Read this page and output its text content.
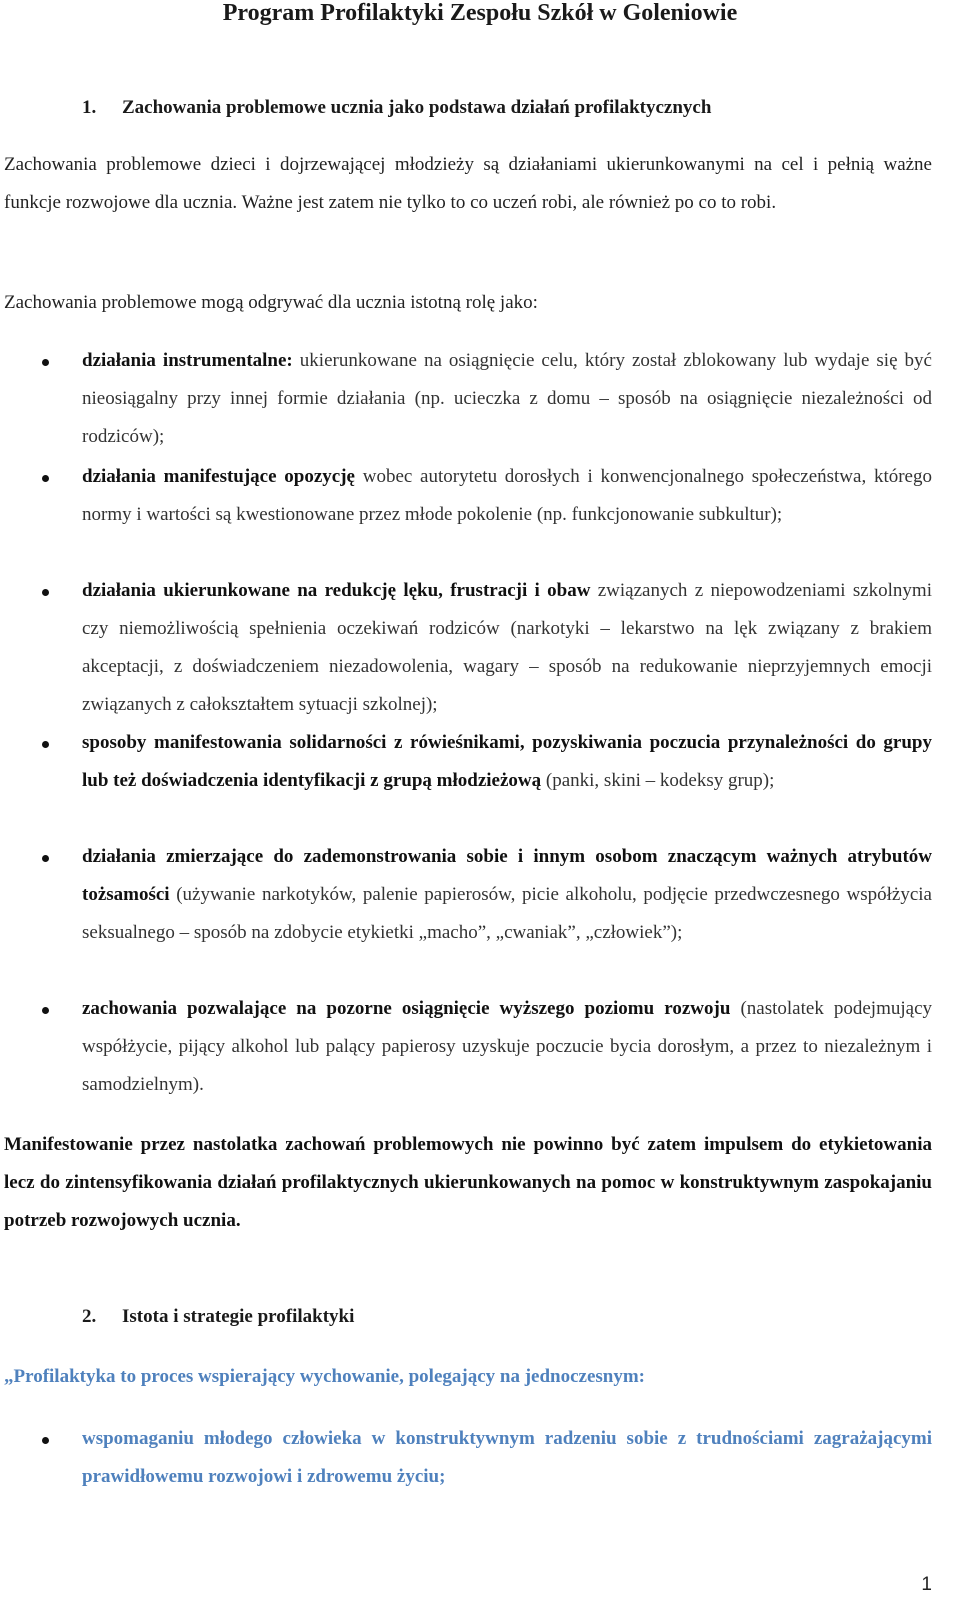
Program Profilaktyki Zespołu Szkół w Goleniowie
1. Zachowania problemowe ucznia jako podstawa działań profilaktycznych
Zachowania problemowe dzieci i dojrzewającej młodzieży są działaniami ukierunkowanymi na cel i pełnią ważne funkcje rozwojowe dla ucznia. Ważne jest zatem nie tylko to co uczeń robi, ale również po co to robi.
Zachowania problemowe mogą odgrywać dla ucznia istotną rolę jako:
działania instrumentalne: ukierunkowane na osiągnięcie celu, który został zblokowany lub wydaje się być nieosiągalny przy innej formie działania (np. ucieczka z domu – sposób na osiągnięcie niezależności od rodziców);
działania manifestujące opozycję wobec autorytetu dorosłych i konwencjonalnego społeczeństwa, którego normy i wartości są kwestionowane przez młode pokolenie (np. funkcjonowanie subkultur);
działania ukierunkowane na redukcję lęku, frustracji i obaw związanych z niepowodzeniami szkolnymi czy niemożliwością spełnienia oczekiwań rodziców (narkotyki – lekarstwo na lęk związany z brakiem akceptacji, z doświadczeniem niezadowolenia, wagary – sposób na redukowanie nieprzyjemnych emocji związanych z całokształtem sytuacji szkolnej);
sposoby manifestowania solidarności z rówieśnikami, pozyskiwania poczucia przynależności do grupy lub też doświadczenia identyfikacji z grupą młodzieżową (panki, skini – kodeksy grup);
działania zmierzające do zademonstrowania sobie i innym osobom znaczącym ważnych atrybutów tożsamości (używanie narkotyków, palenie papierosów, picie alkoholu, podjęcie przedwczesnego współżycia seksualnego – sposób na zdobycie etykietki „macho”, „cwaniak”, „człowiek”);
zachowania pozwalające na pozorne osiągnięcie wyższego poziomu rozwoju (nastolatek podejmujący współżycie, pijący alkohol lub palący papierosy uzyskuje poczucie bycia dorosłym, a przez to niezależnym i samodzielnym).
Manifestowanie przez nastolatka zachowań problemowych nie powinno być zatem impulsem do etykietowania lecz do zintensyfikowania działań profilaktycznych ukierunkowanych na pomoc w konstruktywnym zaspokajaniu potrzeb rozwojowych ucznia.
2. Istota i strategie profilaktyki
„Profilaktyka to proces wspierający wychowanie, polegający na jednoczesnym:
wspomaganiu młodego człowieka w konstruktywnym radzeniu sobie z trudnościami zagrażającymi prawidłowemu rozwojowi i zdrowemu życiu;
1
